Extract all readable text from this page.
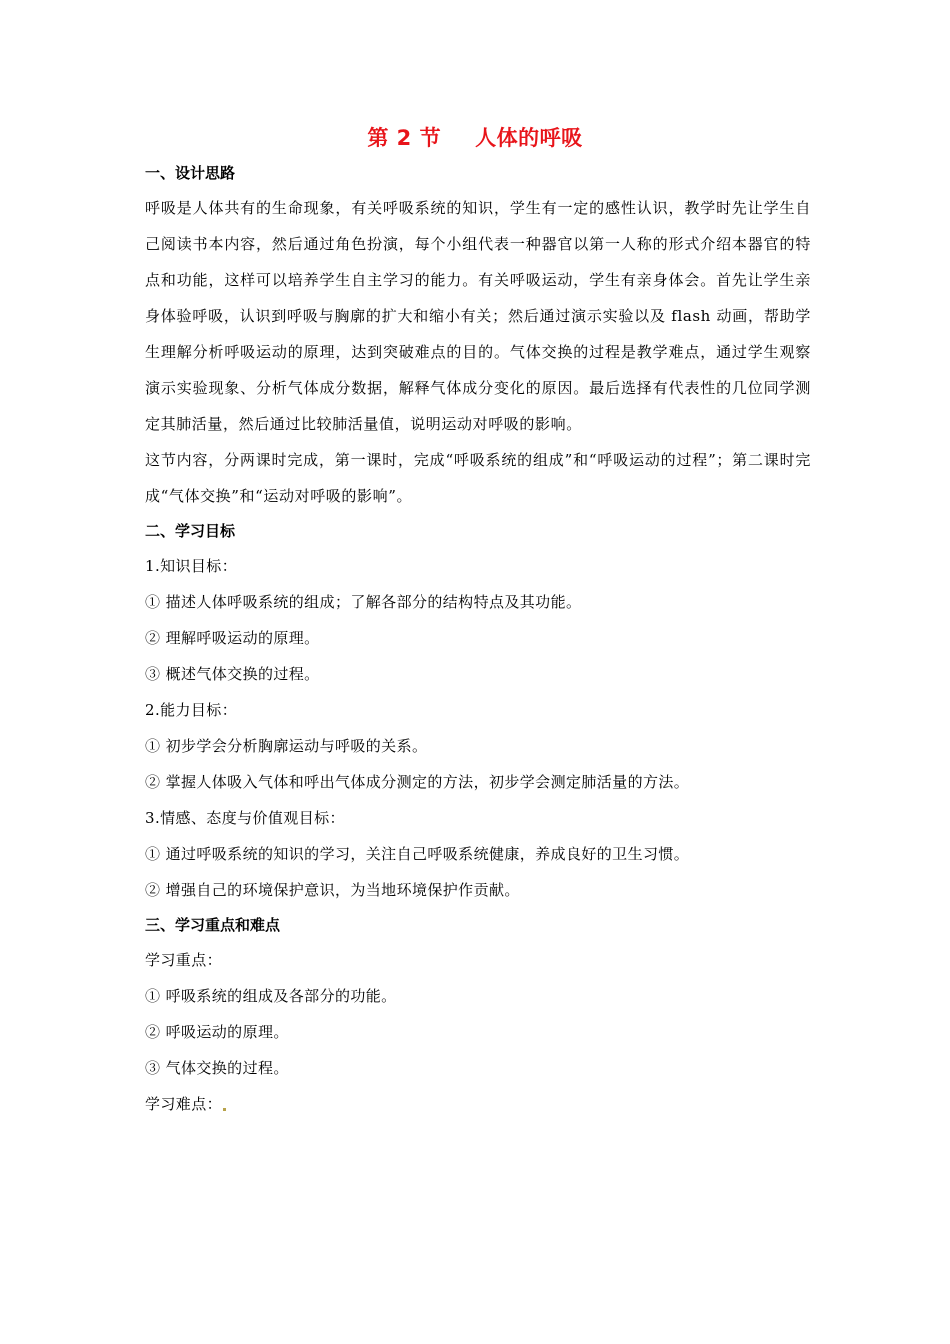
第 2 节 人体的呼吸
一、设计思路

呼吸是人体共有的生命现象，有关呼吸系统的知识，学生有一定的感性认识，教学时先让学生自己阅读书本内容，然后通过角色扮演，每个小组代表一种器官以第一人称的形式介绍本器官的特点和功能，这样可以培养学生自主学习的能力。有关呼吸运动，学生有亲身体会。首先让学生亲身体验呼吸，认识到呼吸与胸廓的扩大和缩小有关；然后通过演示实验以及 flash 动画，帮助学生理解分析呼吸运动的原理，达到突破难点的目的。气体交换的过程是教学难点，通过学生观察演示实验现象、分析气体成分数据，解释气体成分变化的原因。最后选择有代表性的几位同学测定其肺活量，然后通过比较肺活量值，说明运动对呼吸的影响。

这节内容，分两课时完成，第一课时，完成“呼吸系统的组成”和“呼吸运动的过程”；第二课时完成“气体交换”和“运动对呼吸的影响”。

二、学习目标

1.知识目标：

① 描述人体呼吸系统的组成；了解各部分的结构特点及其功能。

② 理解呼吸运动的原理。

③ 概述气体交换的过程。

2.能力目标：

① 初步学会分析胸廓运动与呼吸的关系。

② 掌握人体吸入气体和呼出气体成分测定的方法，初步学会测定肺活量的方法。

3.情感、态度与价值观目标：

① 通过呼吸系统的知识的学习，关注自己呼吸系统健康，养成良好的卫生习惯。

② 增强自己的环境保护意识，为当地环境保护作贡献。

三、学习重点和难点

学习重点：

① 呼吸系统的组成及各部分的功能。

② 呼吸运动的原理。

③ 气体交换的过程。

学习难点：
